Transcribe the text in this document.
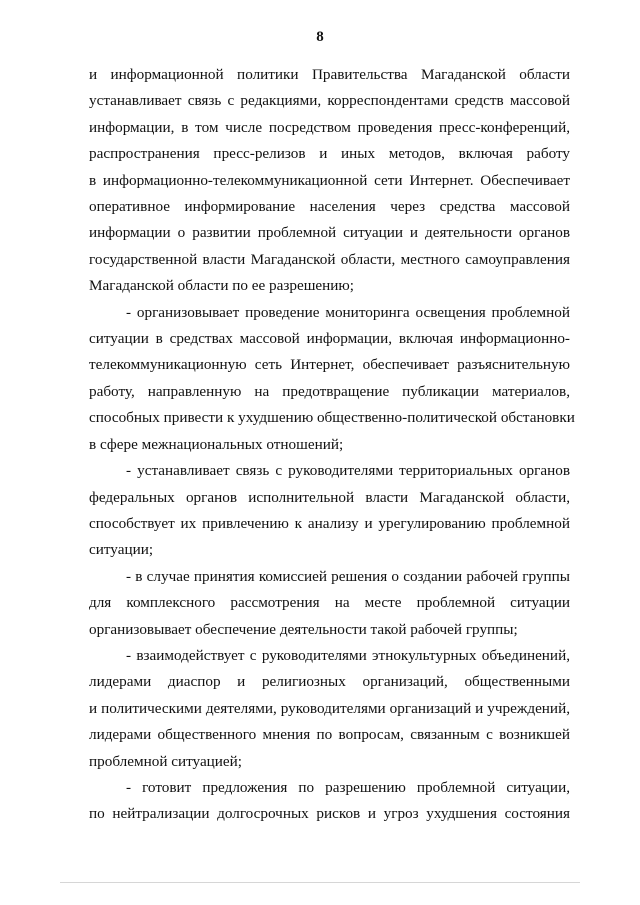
8

и информационной политики Правительства Магаданской области
устанавливает связь с редакциями, корреспондентами средств массовой
информации, в том числе посредством проведения пресс-конференций,
распространения пресс-релизов и иных методов, включая работу
в информационно-телекоммуникационной сети Интернет. Обеспечивает
оперативное информирование населения через средства массовой
информации о развитии проблемной ситуации и деятельности органов
государственной власти Магаданской области, местного самоуправления
Магаданской области по ее разрешению;

- организовывает проведение мониторинга освещения проблемной
ситуации в средствах массовой информации, включая информационно-
телекоммуникационную сеть Интернет, обеспечивает разъяснительную
работу, направленную на предотвращение публикации материалов,
способных привести к ухудшению общественно-политической обстановки
в сфере межнациональных отношений;

- устанавливает связь с руководителями территориальных органов
федеральных органов исполнительной власти Магаданской области,
способствует их привлечению к анализу и урегулированию проблемной
ситуации;

- в случае принятия комиссией решения о создании рабочей группы
для комплексного рассмотрения на месте проблемной ситуации
организовывает обеспечение деятельности такой рабочей группы;

- взаимодействует с руководителями этнокультурных объединений,
лидерами диаспор и религиозных организаций, общественными
и политическими деятелями, руководителями организаций и учреждений,
лидерами общественного мнения по вопросам, связанным с возникшей
проблемной ситуацией;

- готовит предложения по разрешению проблемной ситуации,
по нейтрализации долгосрочных рисков и угроз ухудшения состояния
